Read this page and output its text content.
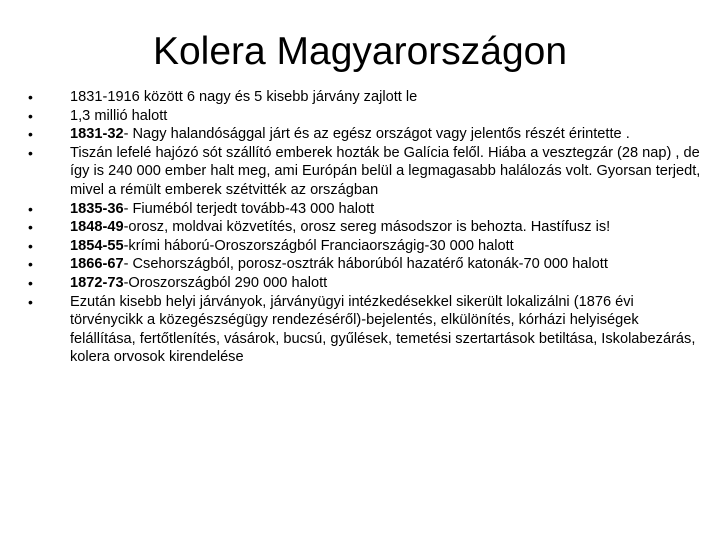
Kolera Magyarországon
•	1831-1916 között 6 nagy és 5 kisebb járvány zajlott le
•	1,3 millió halott
•	1831-32- Nagy halandósággal járt és az egész országot vagy jelentős részét érintette .
•	Tiszán lefelé hajózó sót szállító emberek hozták be Galícia felől. Hiába a vesztegzár (28 nap) , de így is 240 000 ember halt meg, ami Európán belül a legmagasabb halálozás volt. Gyorsan terjedt, mivel a rémült emberek szétvitték az országban
•	1835-36- Fiuméból terjedt tovább-43 000 halott
•	1848-49-orosz, moldvai közvetítés, orosz sereg másodszor is behozta. Hastífusz is!
•	1854-55-krími háború-Oroszországból Franciaországig-30 000 halott
•	1866-67- Csehországból, porosz-osztrák háborúból hazatérő katonák-70 000 halott
•	1872-73-Oroszországból 290 000 halott
•	Ezután kisebb helyi járványok, járványügyi intézkedésekkel sikerült lokalizálni (1876 évi törvénycikk a közegészségügy rendezéséről)-bejelentés, elkülönítés, kórházi helyiségek felállítása, fertőtlenítés, vásárok, bucsú, gyűlések, temetési szertartások betiltása, Iskolabezárás, kolera orvosok kirendelése
